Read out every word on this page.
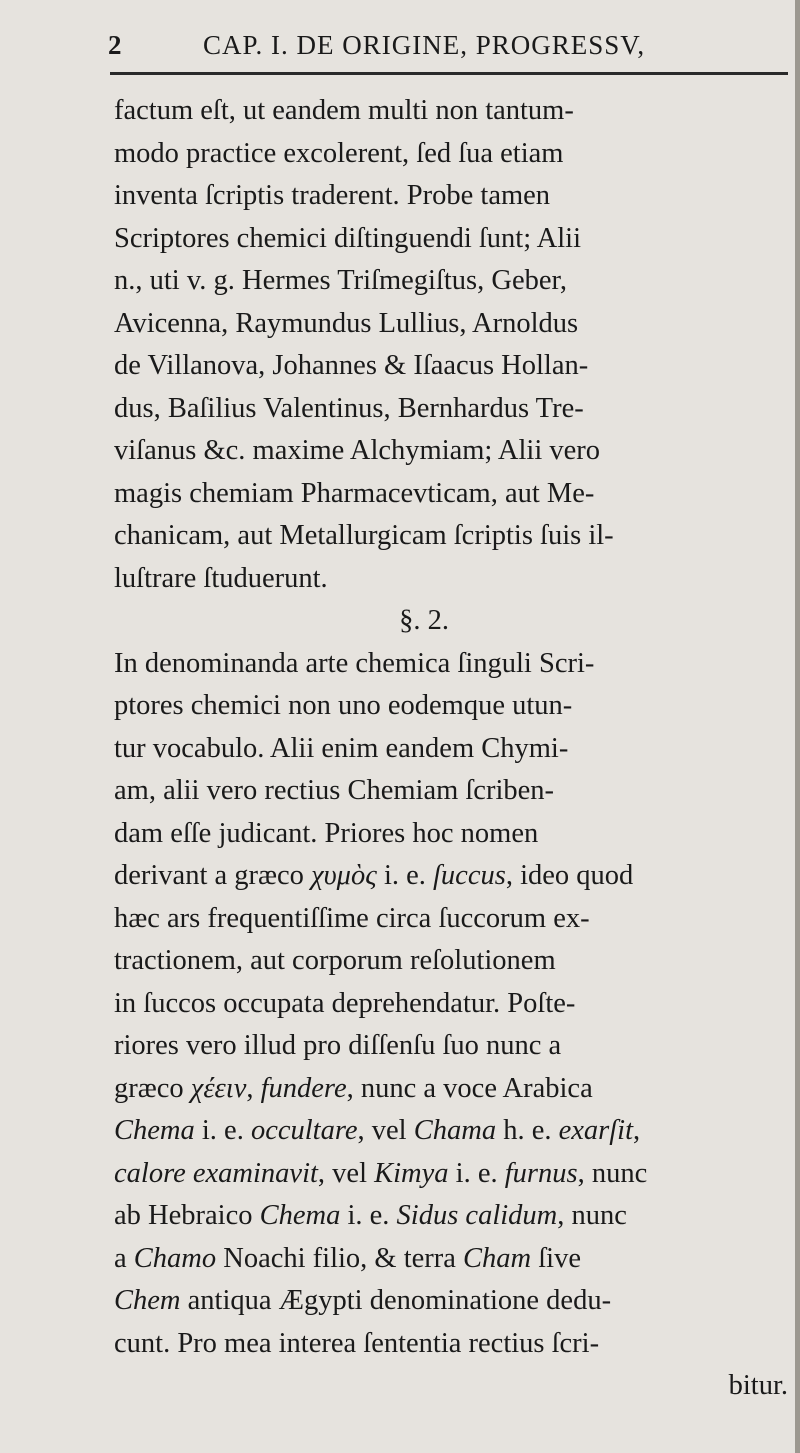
2	CAP. I. DE ORIGINE, PROGRESSV,
factum eſt, ut eandem multi non tantum-
modo practice excolerent, ſed ſua etiam
inventa ſcriptis traderent. Probe tamen
Scriptores chemici diſtinguendi ſunt; Alii
n., uti v. g. Hermes Triſmegiſtus, Geber,
Avicenna, Raymundus Lullius, Arnoldus
de Villanova, Johannes & Iſaacus Hollan-
dus, Baſilius Valentinus, Bernhardus Tre-
viſanus &c. maxime Alchymiam; Alii vero
magis chemiam Pharmacevticam, aut Me-
chanicam, aut Metallurgicam ſcriptis ſuis il-
luſtrare ſtuduerunt.
§. 2.
In denominanda arte chemica ſinguli Scri-
ptores chemici non uno eodemque utun-
tur vocabulo. Alii enim eandem Chymi-
am, alii vero rectius Chemiam ſcriben-
dam eſſe judicant. Priores hoc nomen
derivant a græco χυμὸς i. e. ſuccus, ideo quod
hæc ars frequentiſſime circa ſuccorum ex-
tractionem, aut corporum reſolutionem
in ſuccos occupata deprehendatur. Poſte-
riores vero illud pro diſſenſu ſuo nunc a
græco χέειν, fundere, nunc a voce Arabica
Chema i. e. occultare, vel Chama h. e. exarſit,
calore examinavit, vel Kimya i. e. furnus, nunc
ab Hebraico Chema i. e. Sidus calidum, nunc
a Chamo Noachi filio, & terra Cham ſive
Chem antiqua Ægypti denominatione dedu-
cunt. Pro mea interea ſententia rectius ſcri-
bitur.
